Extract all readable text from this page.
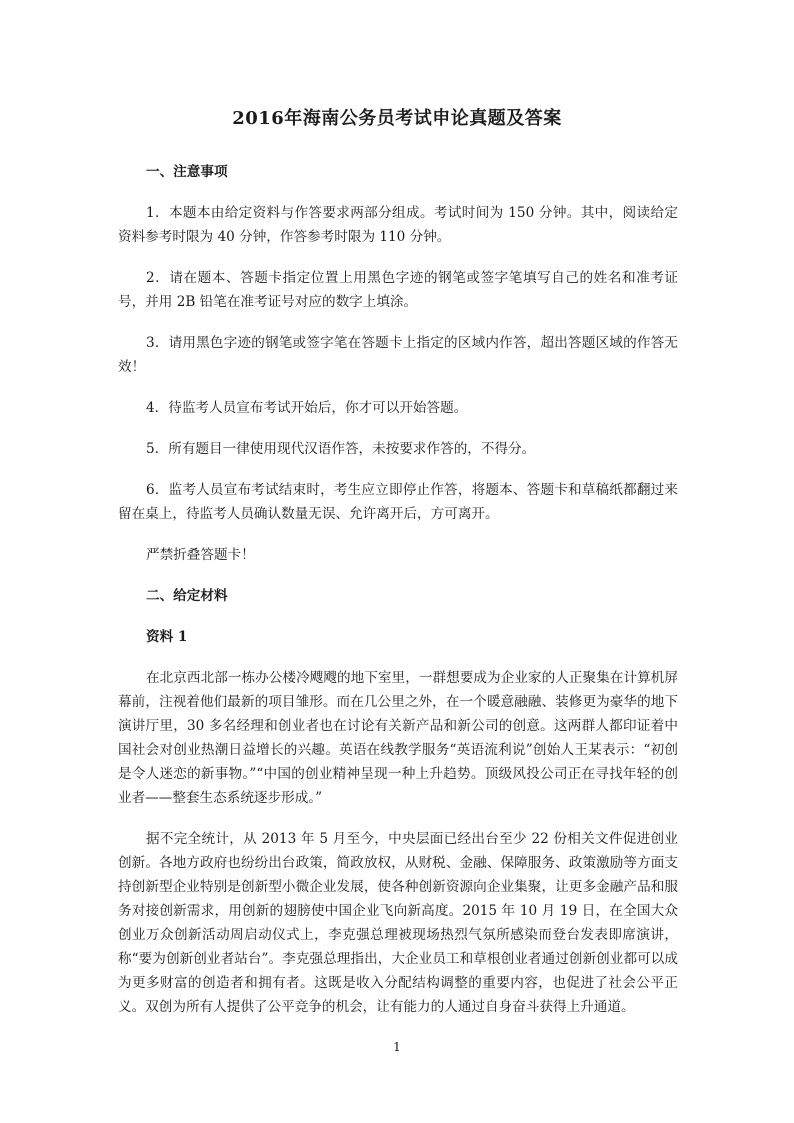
2016年海南公务员考试申论真题及答案

一、注意事项

1．本题本由给定资料与作答要求两部分组成。考试时间为 150 分钟。其中，阅读给定资料参考时限为 40 分钟，作答参考时限为 110 分钟。

2．请在题本、答题卡指定位置上用黑色字迹的钢笔或签字笔填写自己的姓名和准考证号，并用 2B 铅笔在准考证号对应的数字上填涂。

3．请用黑色字迹的钢笔或签字笔在答题卡上指定的区域内作答，超出答题区域的作答无效！

4．待监考人员宣布考试开始后，你才可以开始答题。

5．所有题目一律使用现代汉语作答，未按要求作答的，不得分。

6．监考人员宣布考试结束时，考生应立即停止作答，将题本、答题卡和草稿纸都翻过来留在桌上，待监考人员确认数量无误、允许离开后，方可离开。

严禁折叠答题卡！

二、给定材料

资料 1

在北京西北部一栋办公楼冷飕飕的地下室里，一群想要成为企业家的人正聚集在计算机屏幕前，注视着他们最新的项目雏形。而在几公里之外，在一个暖意融融、装修更为豪华的地下演讲厅里，30 多名经理和创业者也在讨论有关新产品和新公司的创意。这两群人都印证着中国社会对创业热潮日益增长的兴趣。英语在线教学服务“英语流利说”创始人王某表示：“初创是令人迷恋的新事物。”“中国的创业精神呈现一种上升趋势。顶级风投公司正在寻找年轻的创业者——整套生态系统逐步形成。”

据不完全统计，从 2013 年 5 月至今，中央层面已经出台至少 22 份相关文件促进创业创新。各地方政府也纷纷出台政策，简政放权，从财税、金融、保障服务、政策激励等方面支持创新型企业特别是创新型小微企业发展，使各种创新资源向企业集聚，让更多金融产品和服务对接创新需求，用创新的翅膀使中国企业飞向新高度。2015 年 10 月 19 日，在全国大众创业万众创新活动周启动仪式上，李克强总理被现场热烈气氛所感染而登台发表即席演讲，称“要为创新创业者站台”。李克强总理指出，大企业员工和草根创业者通过创新创业都可以成为更多财富的创造者和拥有者。这既是收入分配结构调整的重要内容，也促进了社会公平正义。双创为所有人提供了公平竞争的机会，让有能力的人通过自身奋斗获得上升通道。

1
